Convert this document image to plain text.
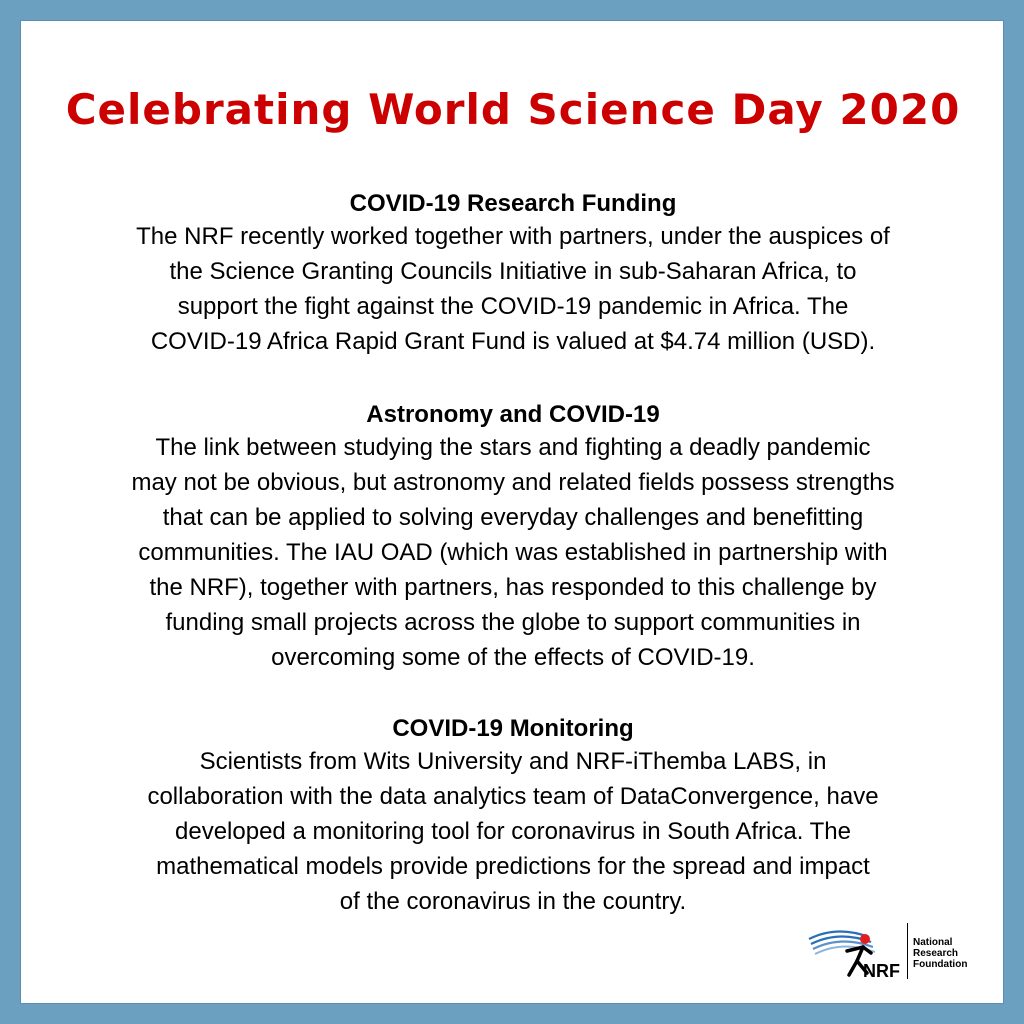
Celebrating World Science Day 2020
COVID-19 Research Funding

The NRF recently worked together with partners, under the auspices of
the Science Granting Councils Initiative in sub-Saharan Africa, to
support the fight against the COVID-19 pandemic in Africa. The
COVID-19 Africa Rapid Grant Fund is valued at $4.74 million (USD).

Astronomy and COVID-19

The link between studying the stars and fighting a deadly pandemic
may not be obvious, but astronomy and related fields possess strengths
that can be applied to solving everyday challenges and benefitting
communities. The IAU OAD (which was established in partnership with
the NRF), together with partners, has responded to this challenge by
funding small projects across the globe to support communities in
overcoming some of the effects of COVID-19.

COVID-19 Monitoring

Scientists from Wits University and NRF-iThemba LABS, in
collaboration with the data analytics team of DataConvergence, have
developed a monitoring tool for coronavirus in South Africa. The
mathematical models provide predictions for the spread and impact
of the coronavirus in the country.

NRF
National
Research
Foundation
